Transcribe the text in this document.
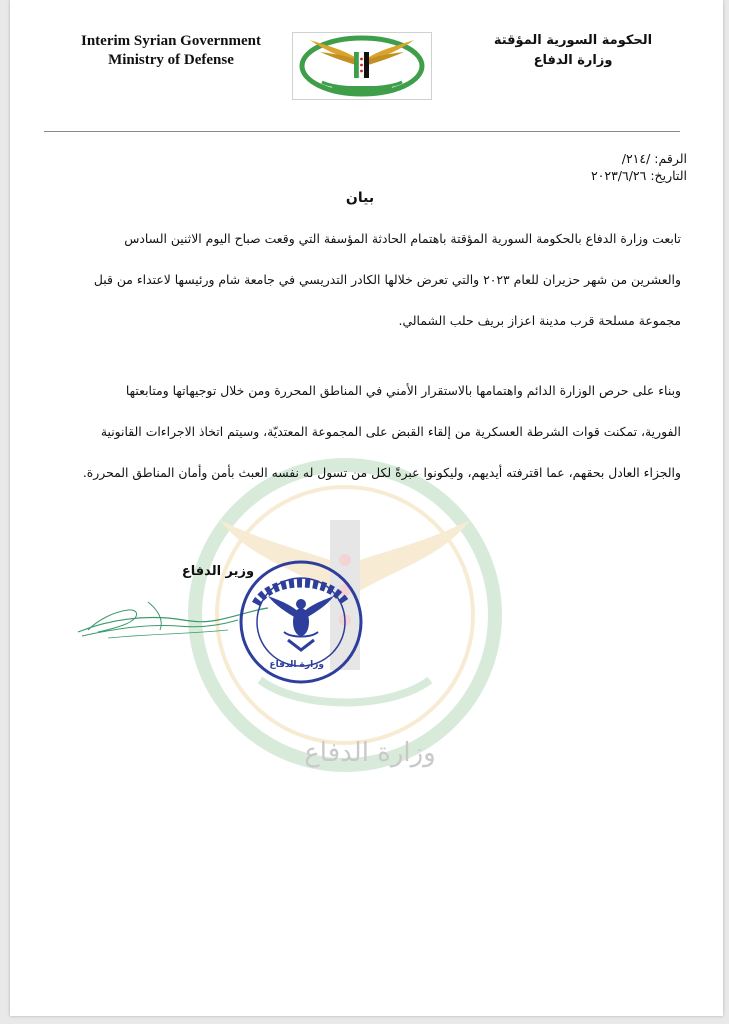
وزارة الدفاع
Interim Syrian Government
Ministry of Defense
الحكومة السورية المؤقتة
وزارة الدفاع
الرقم: /٢١٤/
التاريخ: ٢٠٢٣/٦/٢٦
بيان
تابعت وزارة الدفاع بالحكومة السورية المؤقتة باهتمام الحادثة المؤسفة التي وقعت صباح اليوم الاثنين السادس
والعشرين من شهر حزيران للعام ٢٠٢٣ والتي تعرض خلالها الكادر التدريسي في جامعة شام ورئيسها لاعتداء من قبل
مجموعة مسلحة قرب مدينة اعزاز بريف حلب الشمالي.
وبناء على حرص الوزارة الدائم واهتمامها بالاستقرار الأمني في المناطق المحررة ومن خلال توجيهاتها ومتابعتها
الفورية، تمكنت قوات الشرطة العسكرية من إلقاء القبض على المجموعة المعتديّة، وسيتم اتخاذ الاجراءات القانونية
والجزاء العادل بحقهم، عما اقترفته أيديهم، وليكونوا عبرةً لكل من تسول له نفسه العبث بأمن وأمان المناطق المحررة.
وزير الدفاع
وزارة الدفاع
